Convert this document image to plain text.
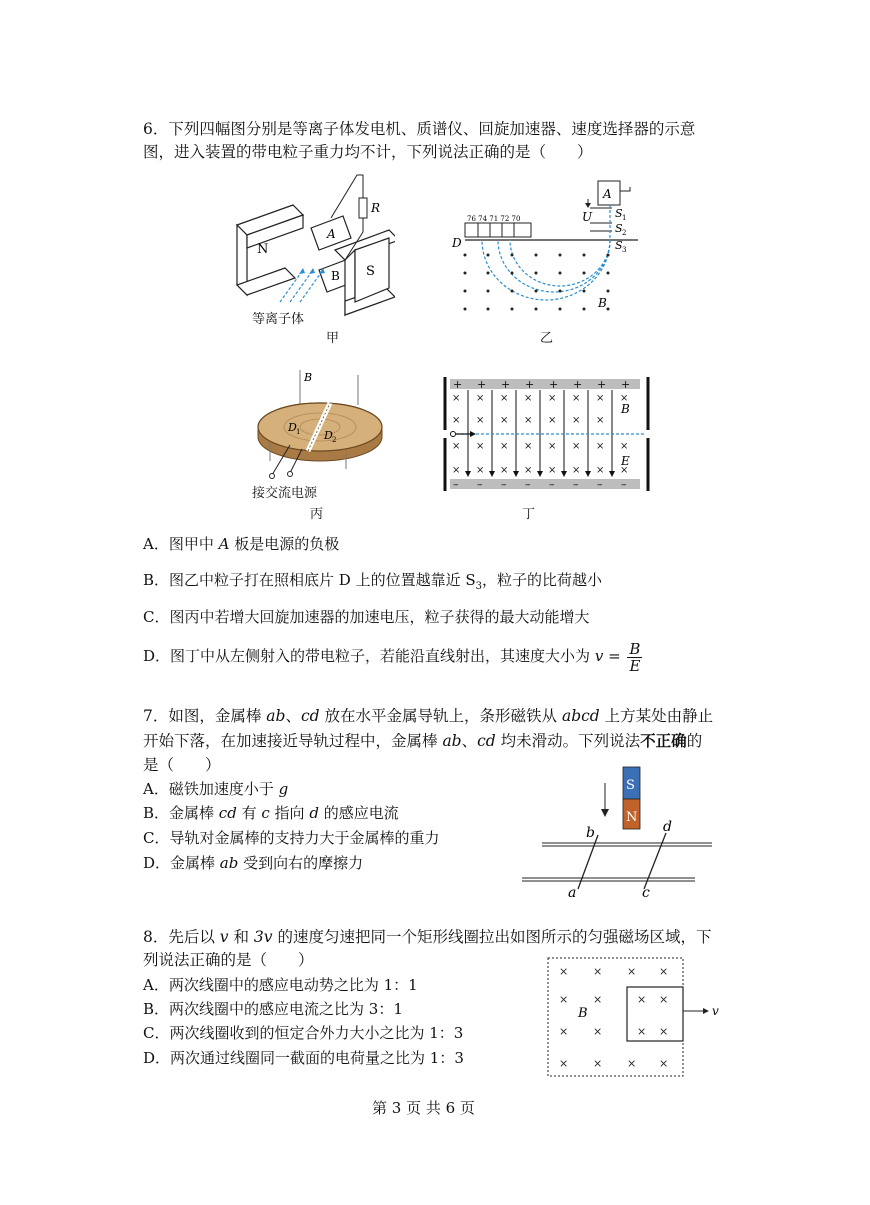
6．下列四幅图分别是等离子体发电机、质谱仪、回旋加速器、速度选择器的示意
图，进入装置的带电粒子重力均不计，下列说法正确的是（　　）
N
A
B S
R
等离子体
甲
76 74 71 72 70
D
A
U S 1
S 2
S 3
B
乙
D 1 D 2
B
接交流电源
丙
+ + + + + + + +
– – – – – – – –
× × × × × × × ×
× × × × × × ×
× × × × × × × ×
× × × × × × × ×
B
E
丁
A．图甲中 A 板是电源的负极
B．图乙中粒子打在照相底片 D 上的位置越靠近 $S_3$，粒子的比荷越小
C．图丙中若增大回旋加速器的加速电压，粒子获得的最大动能增大
D．图丁中从左侧射入的带电粒子，若能沿直线射出，其速度大小为 $v = \frac{B}{E}$
7．如图，金属棒 ab、cd 放在水平金属导轨上，条形磁铁从 abcd 上方某处由静止
开始下落，在加速接近导轨过程中，金属棒 ab、cd 均未滑动。下列说法不正确的
是（　　）
A．磁铁加速度小于 g
B．金属棒 cd 有 c 指向 d 的感应电流
C．导轨对金属棒的支持力大于金属棒的重力
D．金属棒 ab 受到向右的摩擦力
S
N
b	d
a	c
8．先后以 v 和 3v 的速度匀速把同一个矩形线圈拉出如图所示的匀强磁场区域，下
列说法正确的是（　　）
A．两次线圈中的感应电动势之比为 1：1
B．两次线圈中的感应电流之比为 3：1
C．两次线圈收到的恒定合外力大小之比为 1：3
D．两次通过线圈同一截面的电荷量之比为 1：3
× × × ×
× ×
× ×
× × × ×
× ×
× ×
B	v
第 3 页 共 6 页
